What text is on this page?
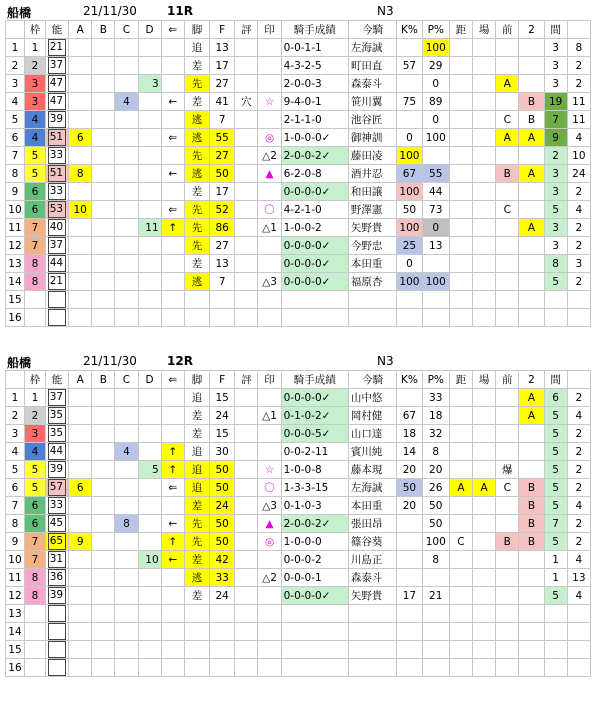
船橋	21/11/30	11R	N3
	枠	能	A	B	C	D	⇐	脚	F	評	印	騎手成績	今騎	K%	P%	距	場	前	2	間	
1	1	21						追	13			0-0-1-1	左海誠		100					3	8
2	2	37						差	17			4-3-2-5	町田直	57	29					3	2
3	3	47				3		先	27			2-0-0-3	森泰斗		0			A		3	2
4	3	47			4		←	差	41	穴	☆	9-4-0-1	笹川翼	75	89				B	19	11
5	4	39						逃	7			2-1-1-0	池谷匠		0			C	B	7	11
6	4	51	6				⇐	逃	55		◎	1-0-0-0✓	御神訓	0	100			A	A	9	4
7	5	33						先	27		△2	2-0-0-2✓	藤田凌	100						2	10
8	5	51	8				←	逃	50		▲	6-2-0-8	酒井忍	67	55			B	A	3	24
9	6	33						差	17			0-0-0-0✓	和田譲	100	44					3	2
10	6	53	10				⇐	先	52		〇	4-2-1-0	野澤憲	50	73			C		5	4
11	7	40				11	↑	先	86		△1	1-0-0-2	矢野貴	100	0				A	3	2
12	7	37						先	27			0-0-0-0✓	今野忠	25	13					3	2
13	8	44						差	13			0-0-0-0✓	本田重	0						8	3
14	8	21						逃	7		△3	0-0-0-0✓	福原杏	100	100					5	2
15		

16		

船橋	21/11/30	12R	N3
	枠	能	A	B	C	D	⇐	脚	F	評	印	騎手成績	今騎	K%	P%	距	場	前	2	間	
1	1	37						追	15			0-0-0-0✓	山中悠		33				A	6	2
2	2	35						差	24		△1	0-1-0-2✓	岡村健	67	18				A	5	4
3	3	35						差	15			0-0-0-5✓	山口達	18	32					5	2
4	4	44			4		↑	追	30			0-0-2-11	賓川純	14	8					5	2
5	5	39				5	↑	追	50		☆	1-0-0-8	藤本現	20	20			爆		5	2
6	5	57	6				⇐	追	50		〇	1-3-3-15	左海誠	50	26	A	A	C	B	5	2
7	6	33						差	24		△3	0-1-0-3	本田重	20	50				B	5	4
8	6	45			8		←	先	50		▲	2-0-0-2✓	張田昂		50				B	7	2
9	7	65	9				↑	先	50		◎	1-0-0-0	篠谷葵		100	C		B	B	5	2
10	7	31				10	←	差	42			0-0-0-2	川島正		8					1	4
11	8	36						逃	33		△2	0-0-0-1	森泰斗							1	13
12	8	39						差	24			0-0-0-0✓	矢野貴	17	21					5	4
13		

14		

15		

16		
